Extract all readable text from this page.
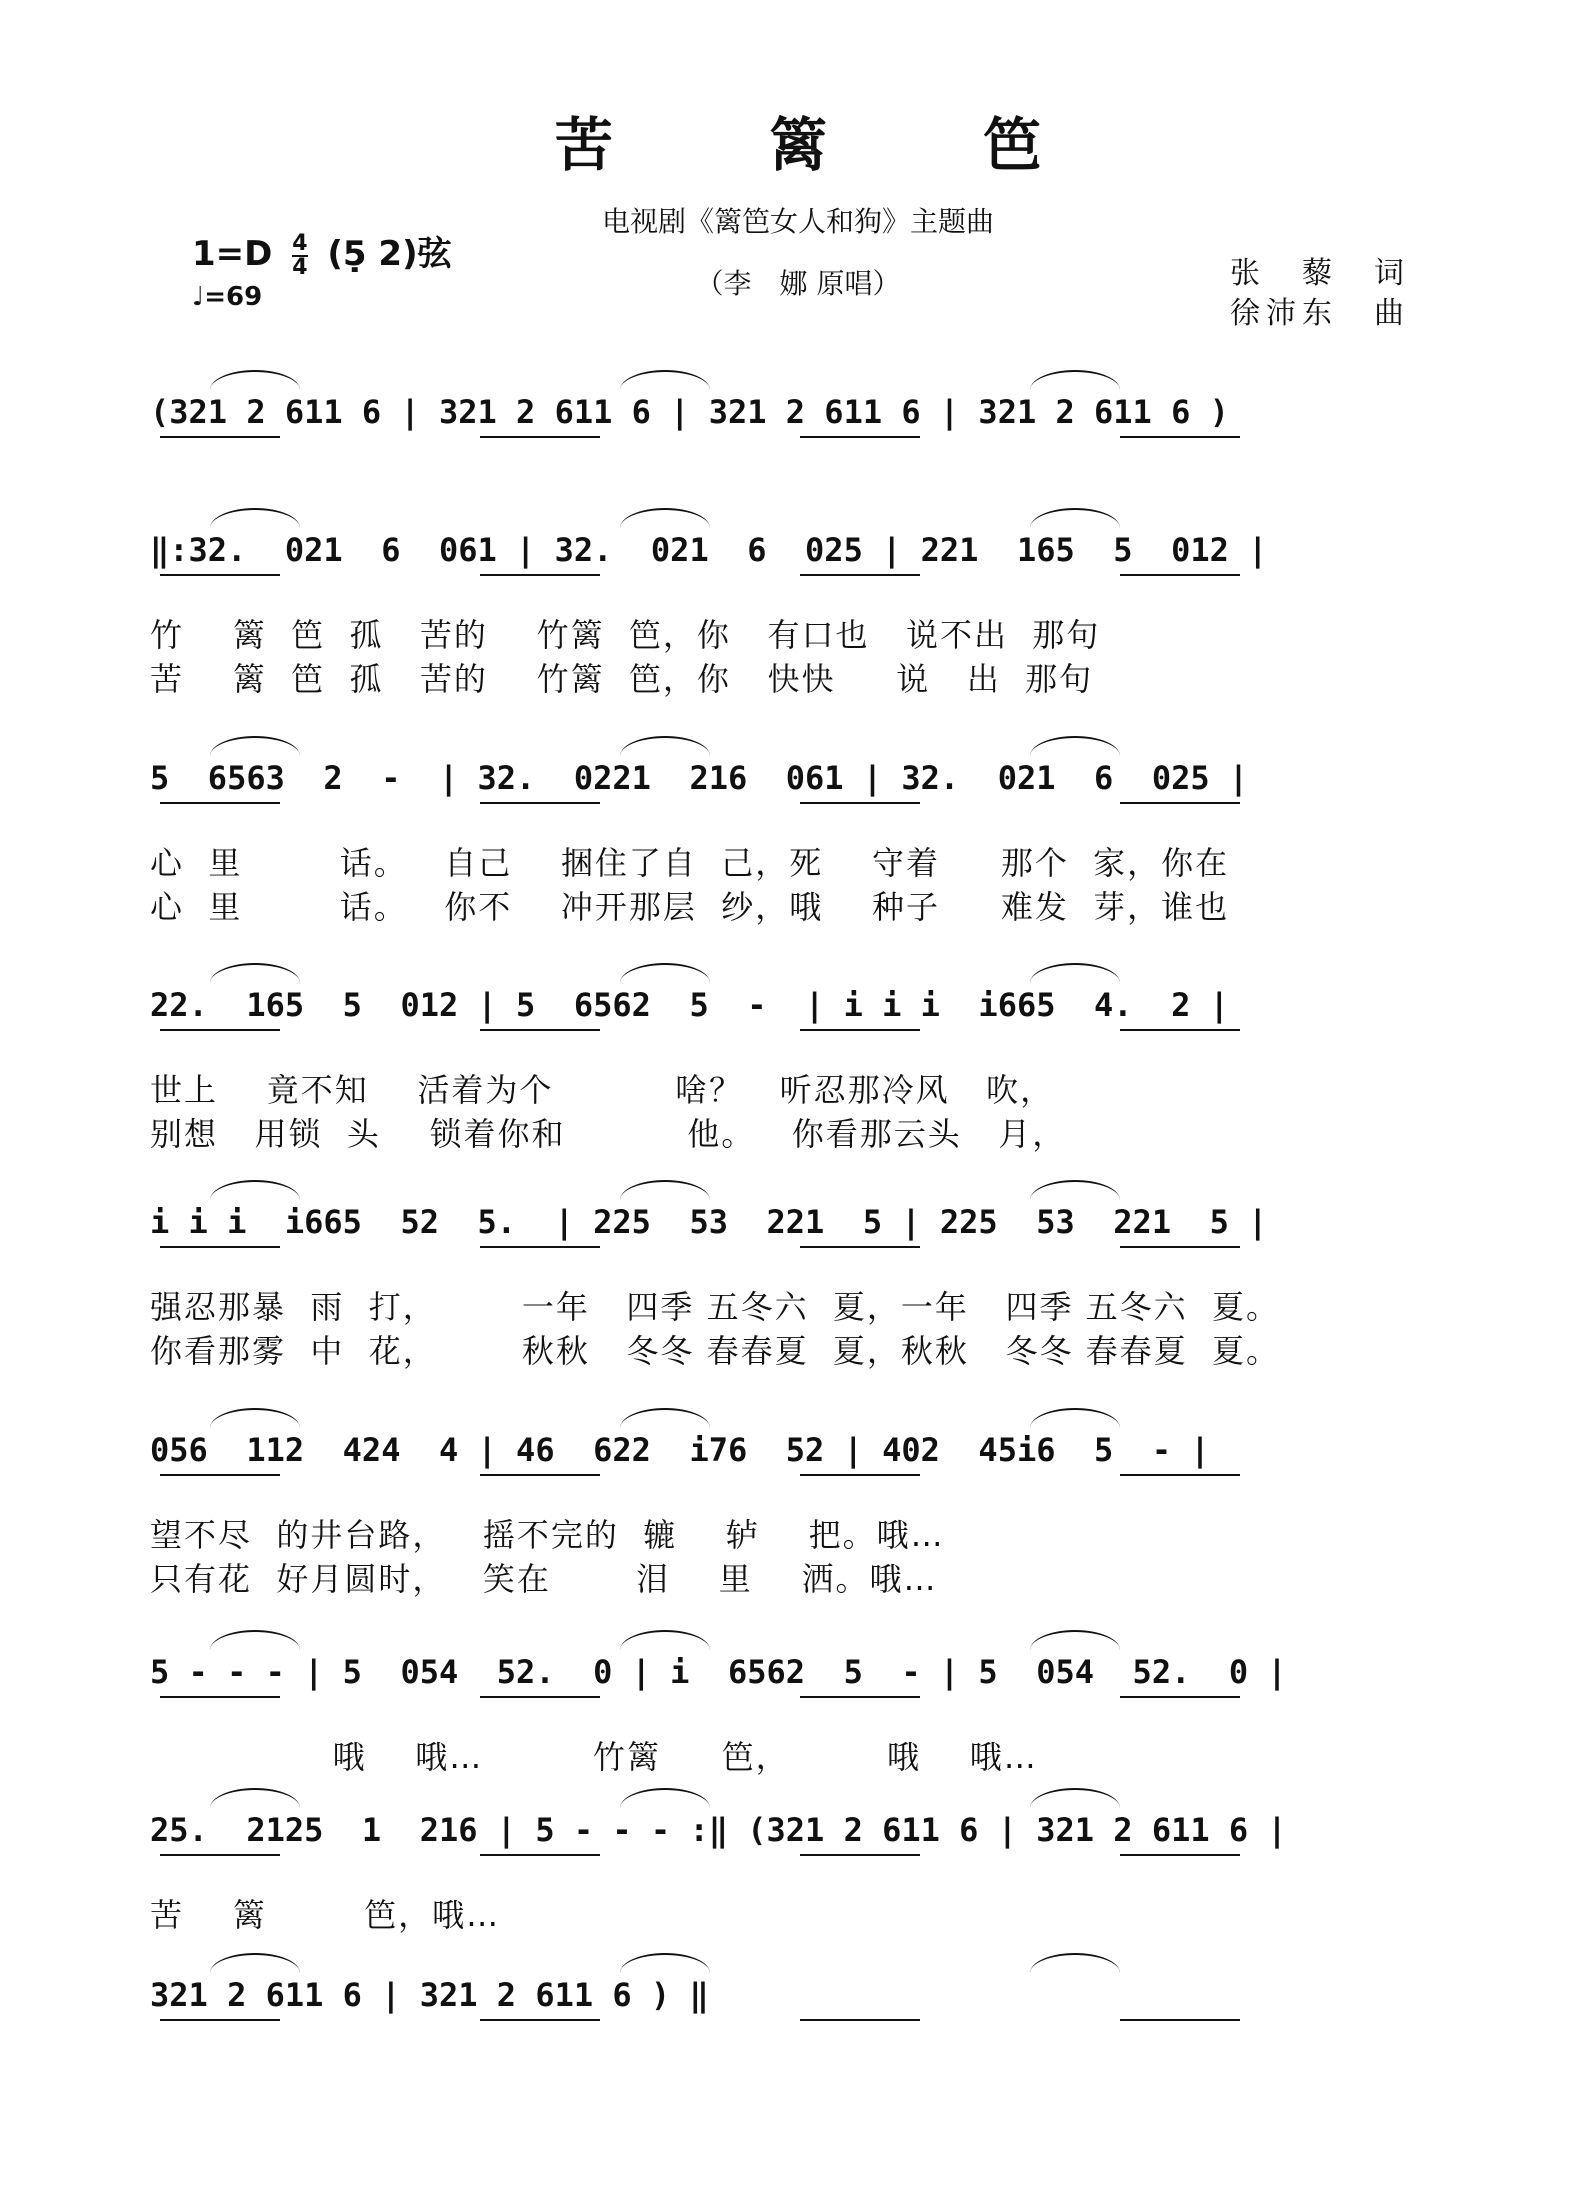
苦 篱 笆
电视剧《篱笆女人和狗》主题曲
（李　娜 原唱）
$1=D \frac{4}{4}$ (5̣ 2)弦
♩=69
张　藜　词
徐沛东　曲
(321 2 611 6 | 321 2 611 6 | 321 2 611 6 | 321 2 611 6 )
‖:32.  021  6  061 | 32.  021  6  025 | 221  165  5  012 |
竹    篱  笆  孤   苦的    竹篱  笆，你   有口也   说不出  那句
苦    篱  笆  孤   苦的    竹篱  笆，你   快快     说   出  那句
5  6563  2  -  | 32.  0221  216  061 | 32.  021  6  025 |
心  里        话。   自己    捆住了自  己，死    守着     那个  家，你在
心  里        话。   你不    冲开那层  纱，哦    种子     难发  芽，谁也
22.  165  5  012 | 5  6562  5  -  | i i i  i665  4.  2 |
世上    竟不知    活着为个          啥？   听忍那冷风   吹，
别想   用锁  头    锁着你和          他。   你看那云头   月，
i i i  i665  52  5.  | 225  53  221  5 | 225  53  221  5 |
强忍那暴  雨  打，       一年   四季 五冬六  夏，一年   四季 五冬六  夏。
你看那雾  中  花，       秋秋   冬冬 春春夏  夏，秋秋   冬冬 春春夏  夏。
056  112  424  4 | 46  622  i76  52 | 402  45i6  5  - |
望不尽  的井台路，   摇不完的  辘    轳    把。哦…
只有花  好月圆时，   笑在       泪    里    洒。哦…
5 - - - | 5  054  52.  0 | i  6562  5  - | 5  054  52.  0 |
哦    哦…         竹篱     笆，        哦    哦…
25.  2125  1  216 | 5 - - - :‖ (321 2 611 6 | 321 2 611 6 |
苦    篱        笆，哦…
321 2 611 6 | 321 2 611 6 ) ‖
